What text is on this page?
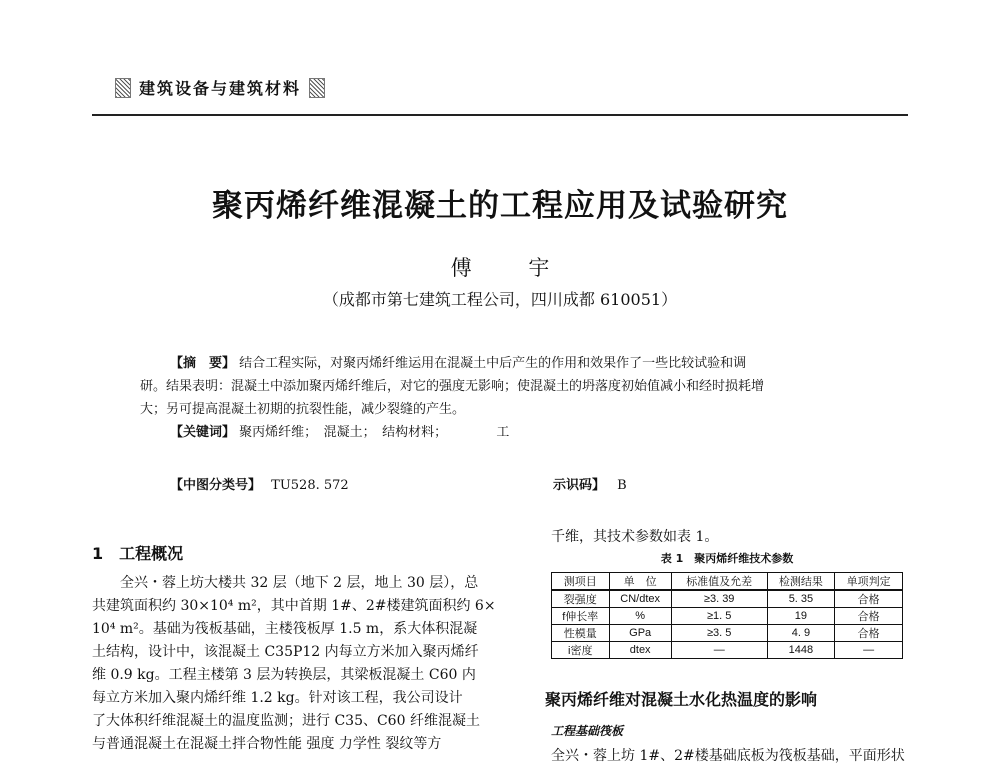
建筑设备与建筑材料
聚丙烯纤维混凝土的工程应用及试验研究
傅 宇
（成都市第七建筑工程公司，四川成都 610051）
【摘　要】 结合工程实际，对聚丙烯纤维运用在混凝土中后产生的作用和效果作了一些比较试验和调
研。结果表明：混凝土中添加聚丙烯纤维后，对它的强度无影响；使混凝土的坍落度初始值减小和经时损耗增
大；另可提高混凝土初期的抗裂性能，减少裂缝的产生。
【关键词】 聚丙烯纤维；　混凝土；　结构材料；	工
【中图分类号】 TU528. 572	示识码】 B
1　工程概况
全兴・蓉上坊大楼共 32 层（地下 2 层，地上 30 层），总
共建筑面积约 30×10⁴ m²，其中首期 1#、2#楼建筑面积约 6×
10⁴ m²。基础为筏板基础，主楼筏板厚 1.5 m，系大体积混凝
土结构，设计中，该混凝土 C35P12 内每立方米加入聚丙烯纤
维 0.9 kg。工程主楼第 3 层为转换层，其梁板混凝土 C60 内
每立方米加入聚内烯纤维 1.2 kg。针对该工程，我公司设计
了大体积纤维混凝土的温度监测；进行 C35、C60 纤维混凝土
与普通混凝土在混凝土拌合物性能 强度 力学性 裂纹等方
千维，其技术参数如表 1。
表 1　聚丙烯纤维技术参数
测项目	单　位	标准值及允差	检测结果	单项判定
裂强度	CN/dtex	≥3. 39	5. 35	合格
f伸长率	%	≥1. 5	19	合格
性模量	GPa	≥3. 5	4. 9	合格
i密度	dtex	—	1448	—
聚丙烯纤维对混凝土水化热温度的影响
工程基础筏板
全兴・蓉上坊 1#、2#楼基础底板为筏板基础，平面形状
